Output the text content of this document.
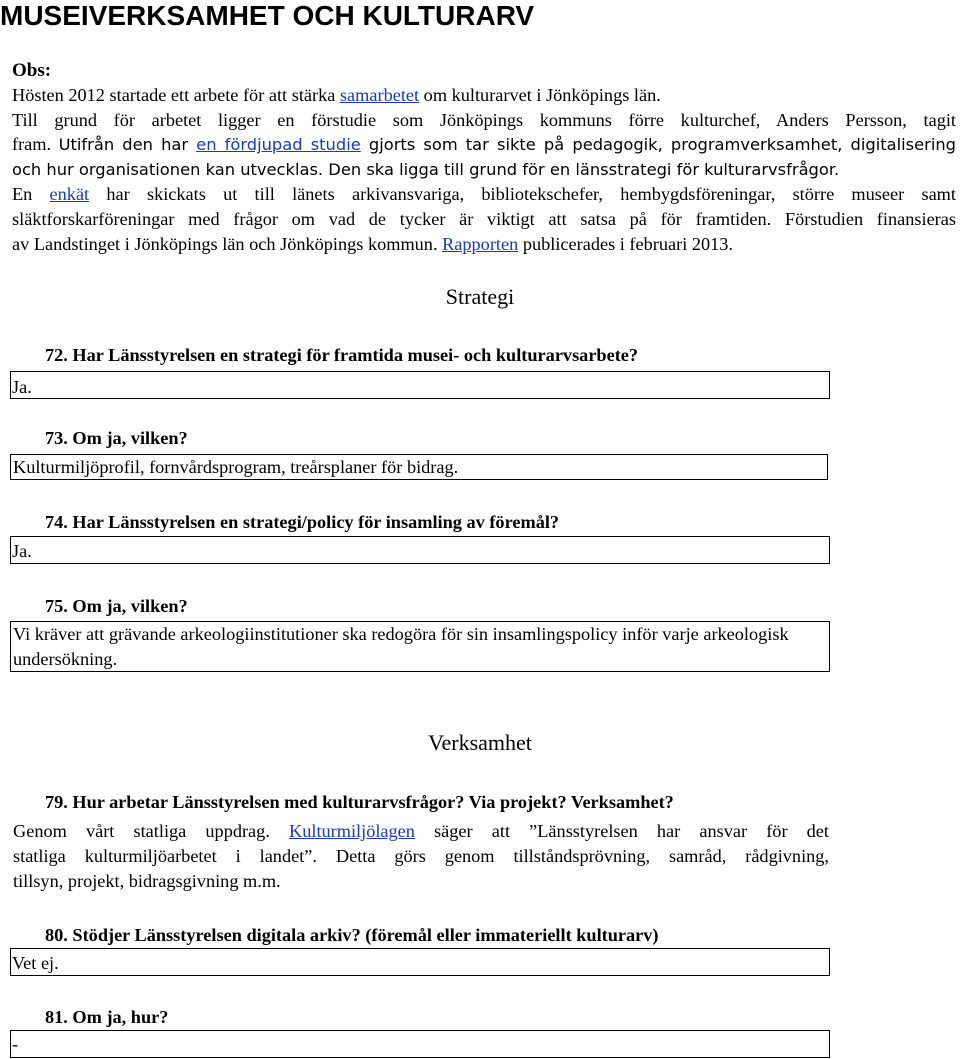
MUSEIVERKSAMHET OCH KULTURARV
Obs:

Hösten 2012 startade ett arbete för att stärka samarbetet om kulturarvet i Jönköpings län.

Till grund för arbetet ligger en förstudie som Jönköpings kommuns förre kulturchef, Anders Persson, tagit

fram. Utifrån den har en fördjupad studie gjorts som tar sikte på pedagogik, programverksamhet, digitalisering

och hur organisationen kan utvecklas. Den ska ligga till grund för en länsstrategi för kulturarvsfrågor.

En enkät har skickats ut till länets arkivansvariga, bibliotekschefer, hembygdsföreningar, större museer samt

släktforskarföreningar med frågor om vad de tycker är viktigt att satsa på för framtiden. Förstudien finansieras

av Landstinget i Jönköpings län och Jönköpings kommun. Rapporten publicerades i februari 2013.

Strategi
72. Har Länsstyrelsen en strategi för framtida musei- och kulturarvsarbete?
Ja.
73. Om ja, vilken?
Kulturmiljöprofil, fornvårdsprogram, treårsplaner för bidrag.
74. Har Länsstyrelsen en strategi/policy för insamling av föremål?
Ja.
75. Om ja, vilken?
Vi kräver att grävande arkeologiinstitutioner ska redogöra för sin insamlingspolicy inför varje arkeologisk undersökning.
Verksamhet
79. Hur arbetar Länsstyrelsen med kulturarvsfrågor? Via projekt? Verksamhet?

Genom vårt statliga uppdrag. Kulturmiljölagen säger att ”Länsstyrelsen har ansvar för det

statliga kulturmiljöarbetet i landet”. Detta görs genom tillståndsprövning, samråd, rådgivning,

tillsyn, projekt, bidragsgivning m.m.

80. Stödjer Länsstyrelsen digitala arkiv? (föremål eller immateriellt kulturarv)
Vet ej.
81. Om ja, hur?
-
